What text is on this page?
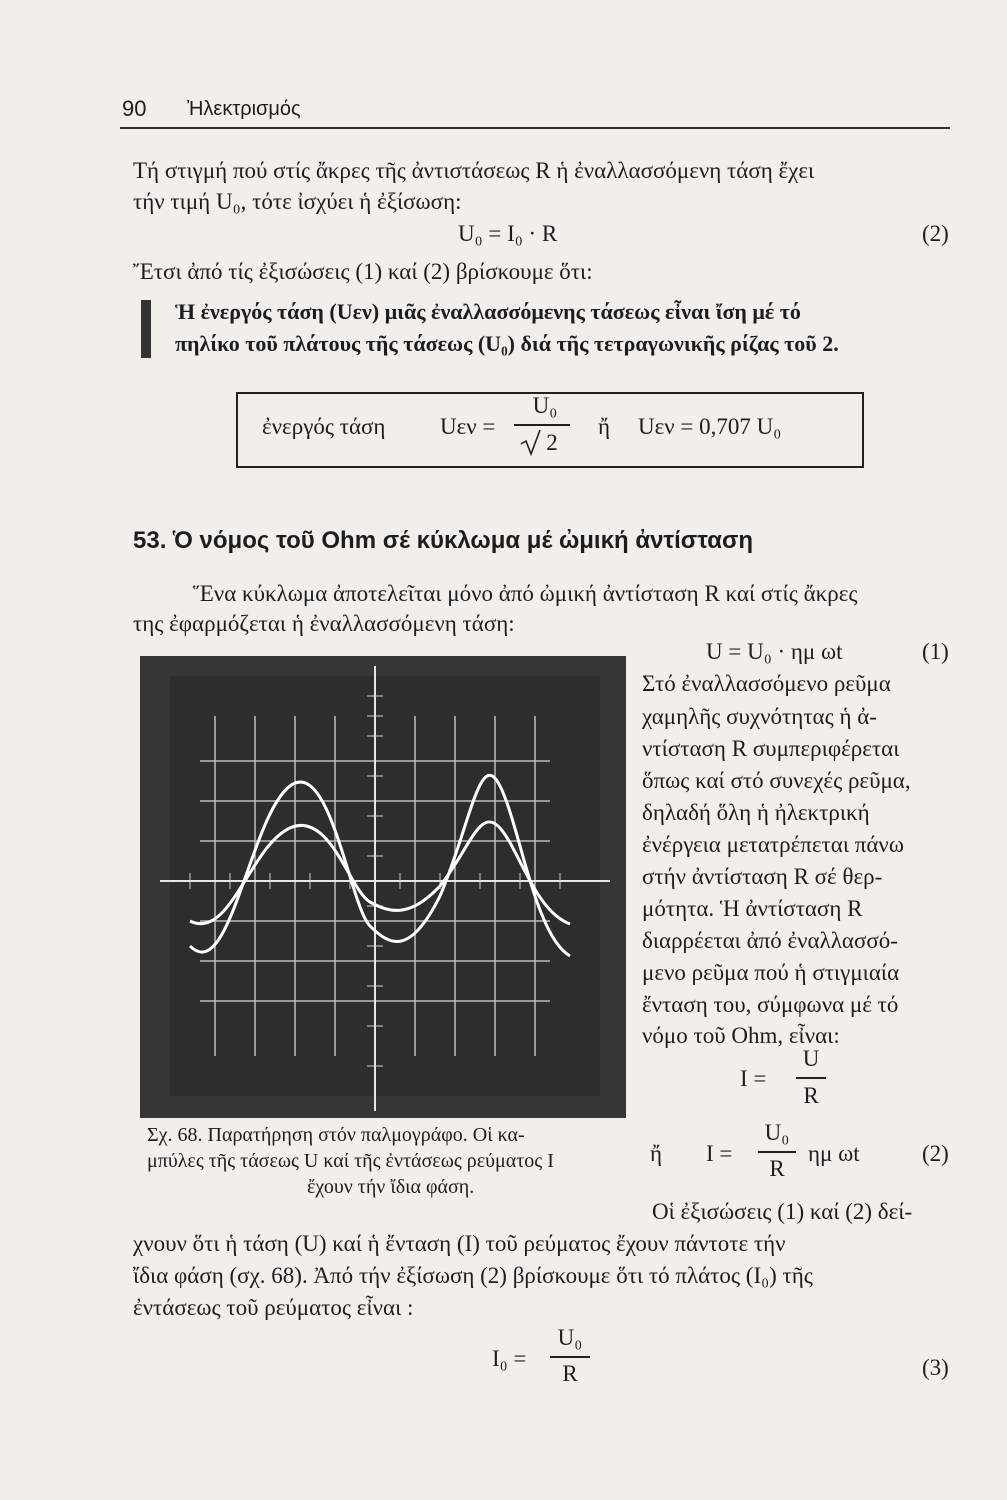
90 Ἠλεκτρισμός
Τή στιγμή πού στίς ἄκρες τῆς ἀντιστάσεως R ἡ ἐναλλασσόμενη τάση ἔχει
τήν τιμή U₀, τότε ἰσχύει ἡ ἐξίσωση:
U₀ = I₀ · R	(2)
Ἔτσι ἀπό τίς ἐξισώσεις (1) καί (2) βρίσκουμε ὅτι:
Ἡ ἐνεργός τάση (Uεν) μιᾶς ἐναλλασσόμενης τάσεως εἶναι ἴση μέ τό
πηλίκο τοῦ πλάτους τῆς τάσεως (U₀) διά τῆς τετραγωνικῆς ρίζας τοῦ 2.
ἐνεργός τάση Uεν =
U₀
2
ἤ Uεν = 0,707 U₀
53. Ὁ νόμος τοῦ Ohm σέ κύκλωμα μέ ὠμική ἀντίσταση
Ἕνα κύκλωμα ἀποτελεῖται μόνο ἀπό ὠμική ἀντίσταση R καί στίς ἄκρες
της ἐφαρμόζεται ἡ ἐναλλασσόμενη τάση:
U = U₀ · ημ ωt	(1)
Στό ἐναλλασσόμενο ρεῦμα
χαμηλῆς συχνότητας ἡ ἀ-
ντίσταση R συμπεριφέρεται
ὅπως καί στό συνεχές ρεῦμα,
δηλαδή ὅλη ἡ ἠλεκτρική
ἐνέργεια μετατρέπεται πάνω
στήν ἀντίσταση R σέ θερ-
μότητα. Ἡ ἀντίσταση R
διαρρέεται ἀπό ἐναλλασσό-
μενο ρεῦμα πού ἡ στιγμιαία
ἔνταση του, σύμφωνα μέ τό
νόμο τοῦ Ohm, εἶναι:
I =
U
R
ἤ I =
U₀
R
ημ ωt	(2)
Σχ. 68. Παρατήρηση στόν παλμογράφο. Οἱ κα-
μπύλες τῆς τάσεως U καί τῆς ἐντάσεως ρεύματος I
ἔχουν τήν ἴδια φάση.
Οἱ ἐξισώσεις (1) καί (2) δεί-
χνουν ὅτι ἡ τάση (U) καί ἡ ἔνταση (I) τοῦ ρεύματος ἔχουν πάντοτε τήν
ἴδια φάση (σχ. 68). Ἀπό τήν ἐξίσωση (2) βρίσκουμε ὅτι τό πλάτος (I₀) τῆς
ἐντάσεως τοῦ ρεύματος εἶναι :
I₀ =
U₀
R	(3)
